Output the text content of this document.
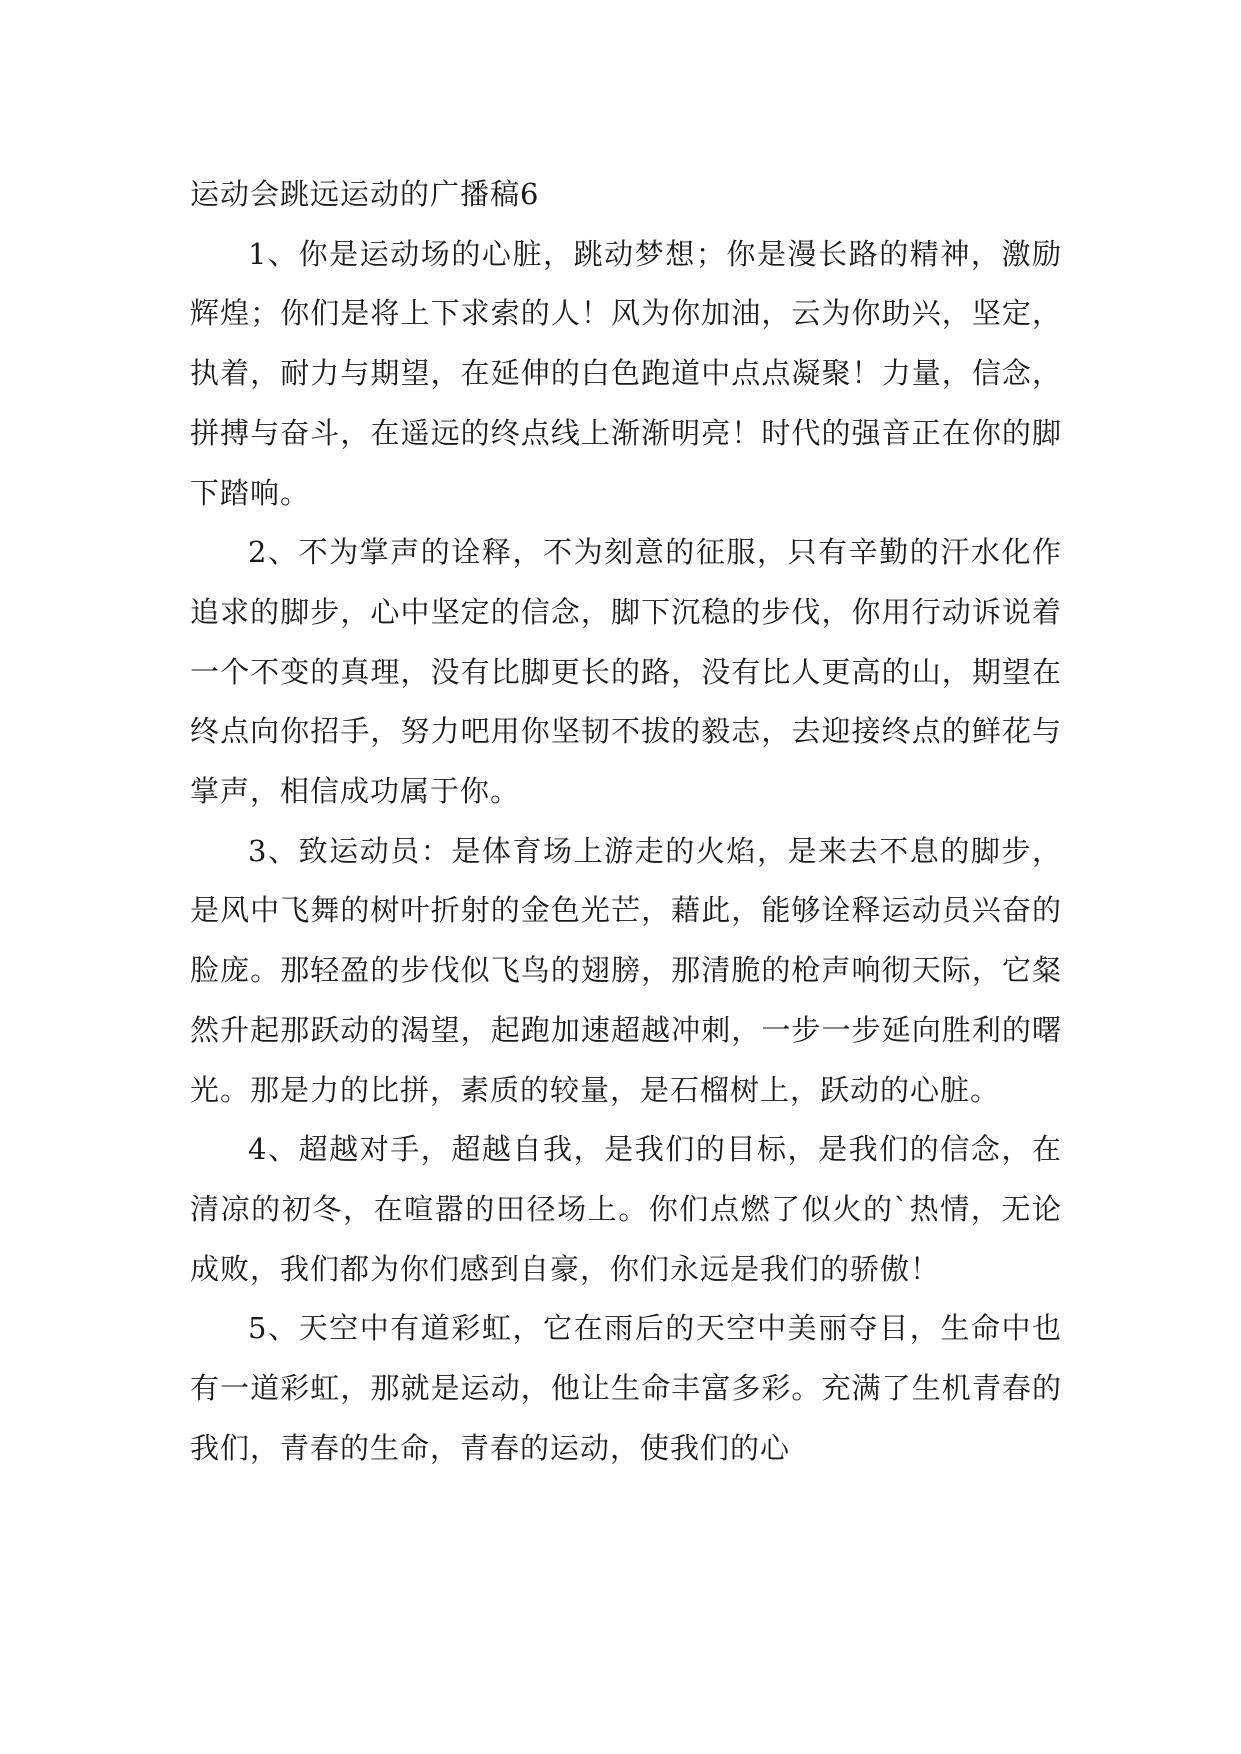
运动会跳远运动的广播稿6

1、你是运动场的心脏，跳动梦想；你是漫长路的精神，激励辉煌；你们是将上下求索的人！风为你加油，云为你助兴，坚定，执着，耐力与期望，在延伸的白色跑道中点点凝聚！力量，信念，拼搏与奋斗，在遥远的终点线上渐渐明亮！时代的强音正在你的脚下踏响。

2、不为掌声的诠释，不为刻意的征服，只有辛勤的汗水化作追求的脚步，心中坚定的信念，脚下沉稳的步伐，你用行动诉说着一个不变的真理，没有比脚更长的路，没有比人更高的山，期望在终点向你招手，努力吧用你坚韧不拔的毅志，去迎接终点的鲜花与掌声，相信成功属于你。

3、致运动员：是体育场上游走的火焰，是来去不息的脚步，是风中飞舞的树叶折射的金色光芒，藉此，能够诠释运动员兴奋的脸庞。那轻盈的步伐似飞鸟的翅膀，那清脆的枪声响彻天际，它粲然升起那跃动的渴望，起跑加速超越冲刺，一步一步延向胜利的曙光。那是力的比拼，素质的较量，是石榴树上，跃动的心脏。

4、超越对手，超越自我，是我们的目标，是我们的信念，在清凉的初冬，在喧嚣的田径场上。你们点燃了似火的`热情，无论成败，我们都为你们感到自豪，你们永远是我们的骄傲！

5、天空中有道彩虹，它在雨后的天空中美丽夺目，生命中也有一道彩虹，那就是运动，他让生命丰富多彩。充满了生机青春的我们，青春的生命，青春的运动，使我们的心
